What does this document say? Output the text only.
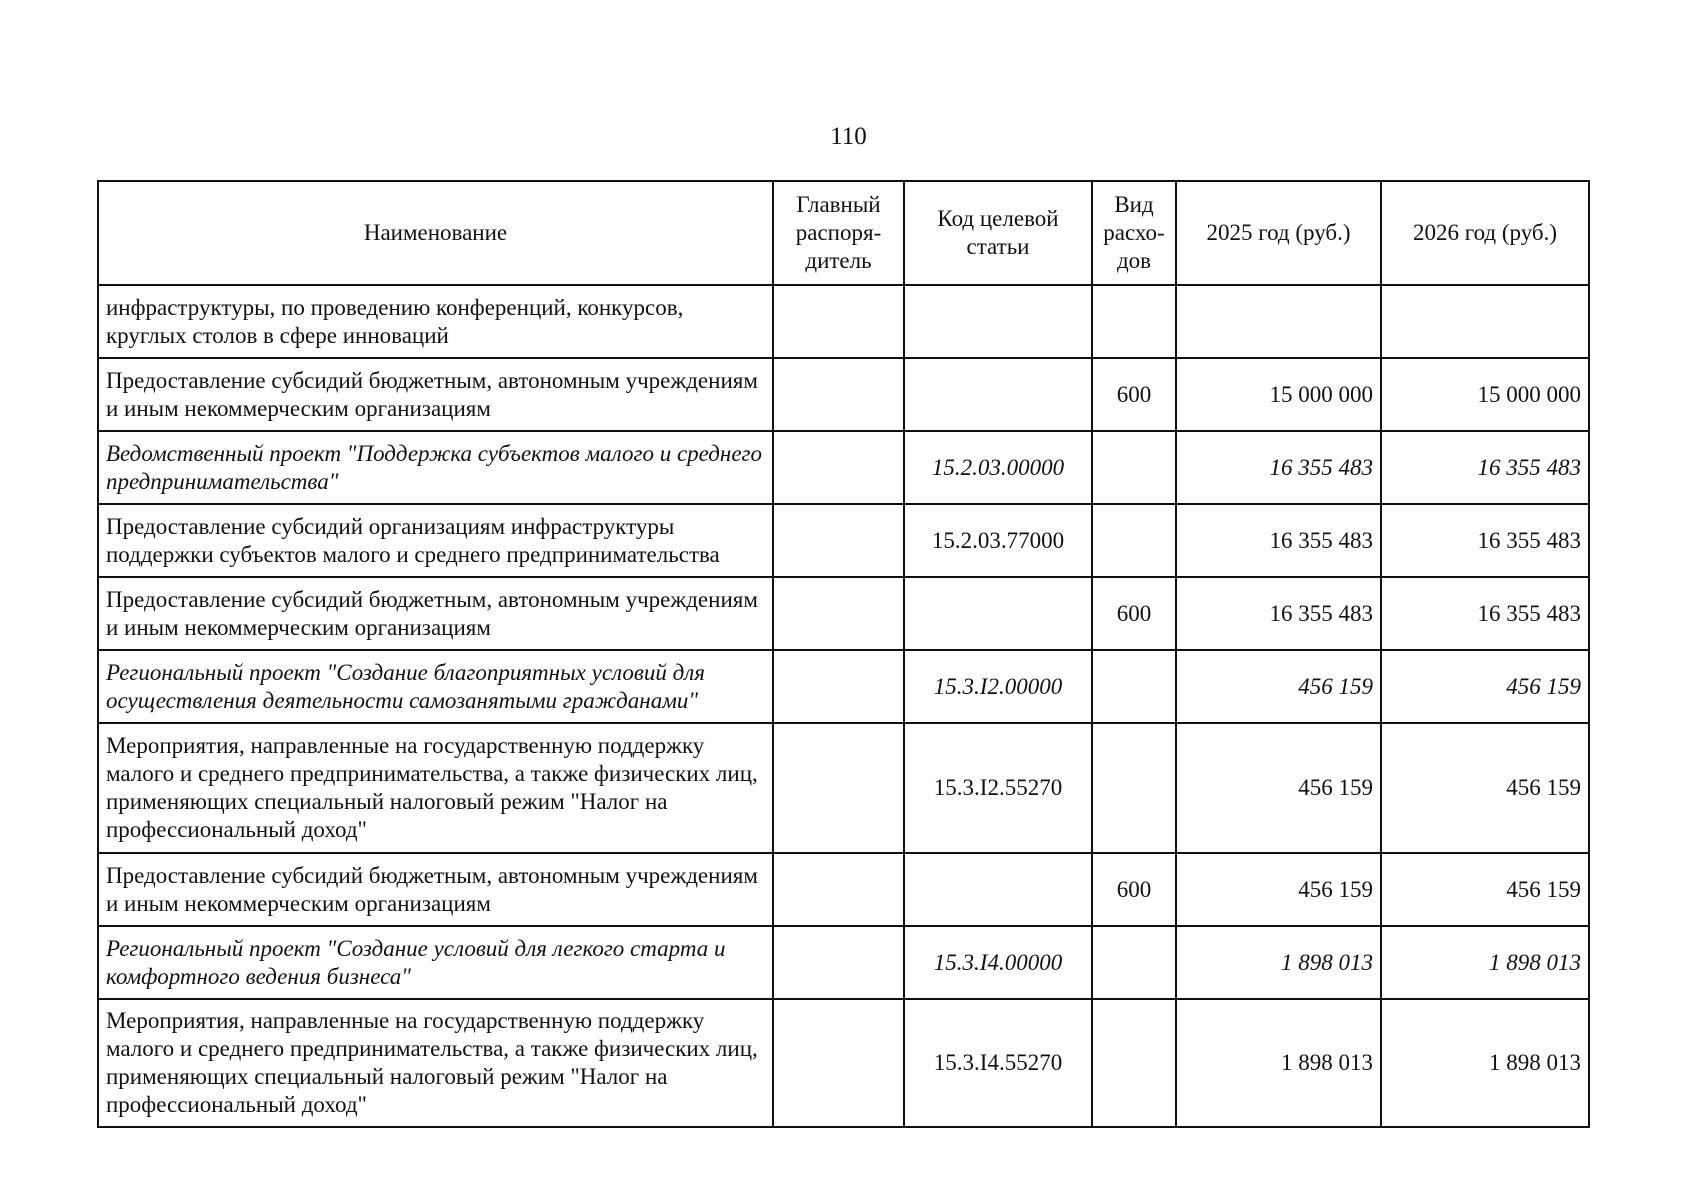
110
Наименование	Главный распоря-дитель	Код целевой статьи	Вид расхо-дов	2025 год (руб.)	2026 год (руб.)
инфраструктуры, по проведению конференций, конкурсов, круглых столов в сфере инноваций					
Предоставление субсидий бюджетным, автономным учреждениям и иным некоммерческим организациям			600	15 000 000	15 000 000
Ведомственный проект "Поддержка субъектов малого и среднего предпринимательства"		15.2.03.00000		16 355 483	16 355 483
Предоставление субсидий организациям инфраструктуры поддержки субъектов малого и среднего предпринимательства		15.2.03.77000		16 355 483	16 355 483
Предоставление субсидий бюджетным, автономным учреждениям и иным некоммерческим организациям			600	16 355 483	16 355 483
Региональный проект "Создание благоприятных условий для осуществления деятельности самозанятыми гражданами"		15.3.I2.00000		456 159	456 159
Мероприятия, направленные на государственную поддержку малого и среднего предпринимательства, а также физических лиц, применяющих специальный налоговый режим "Налог на профессиональный доход"		15.3.I2.55270		456 159	456 159
Предоставление субсидий бюджетным, автономным учреждениям и иным некоммерческим организациям			600	456 159	456 159
Региональный проект "Создание условий для легкого старта и комфортного ведения бизнеса"		15.3.I4.00000		1 898 013	1 898 013
Мероприятия, направленные на государственную поддержку малого и среднего предпринимательства, а также физических лиц, применяющих специальный налоговый режим "Налог на профессиональный доход"		15.3.I4.55270		1 898 013	1 898 013
